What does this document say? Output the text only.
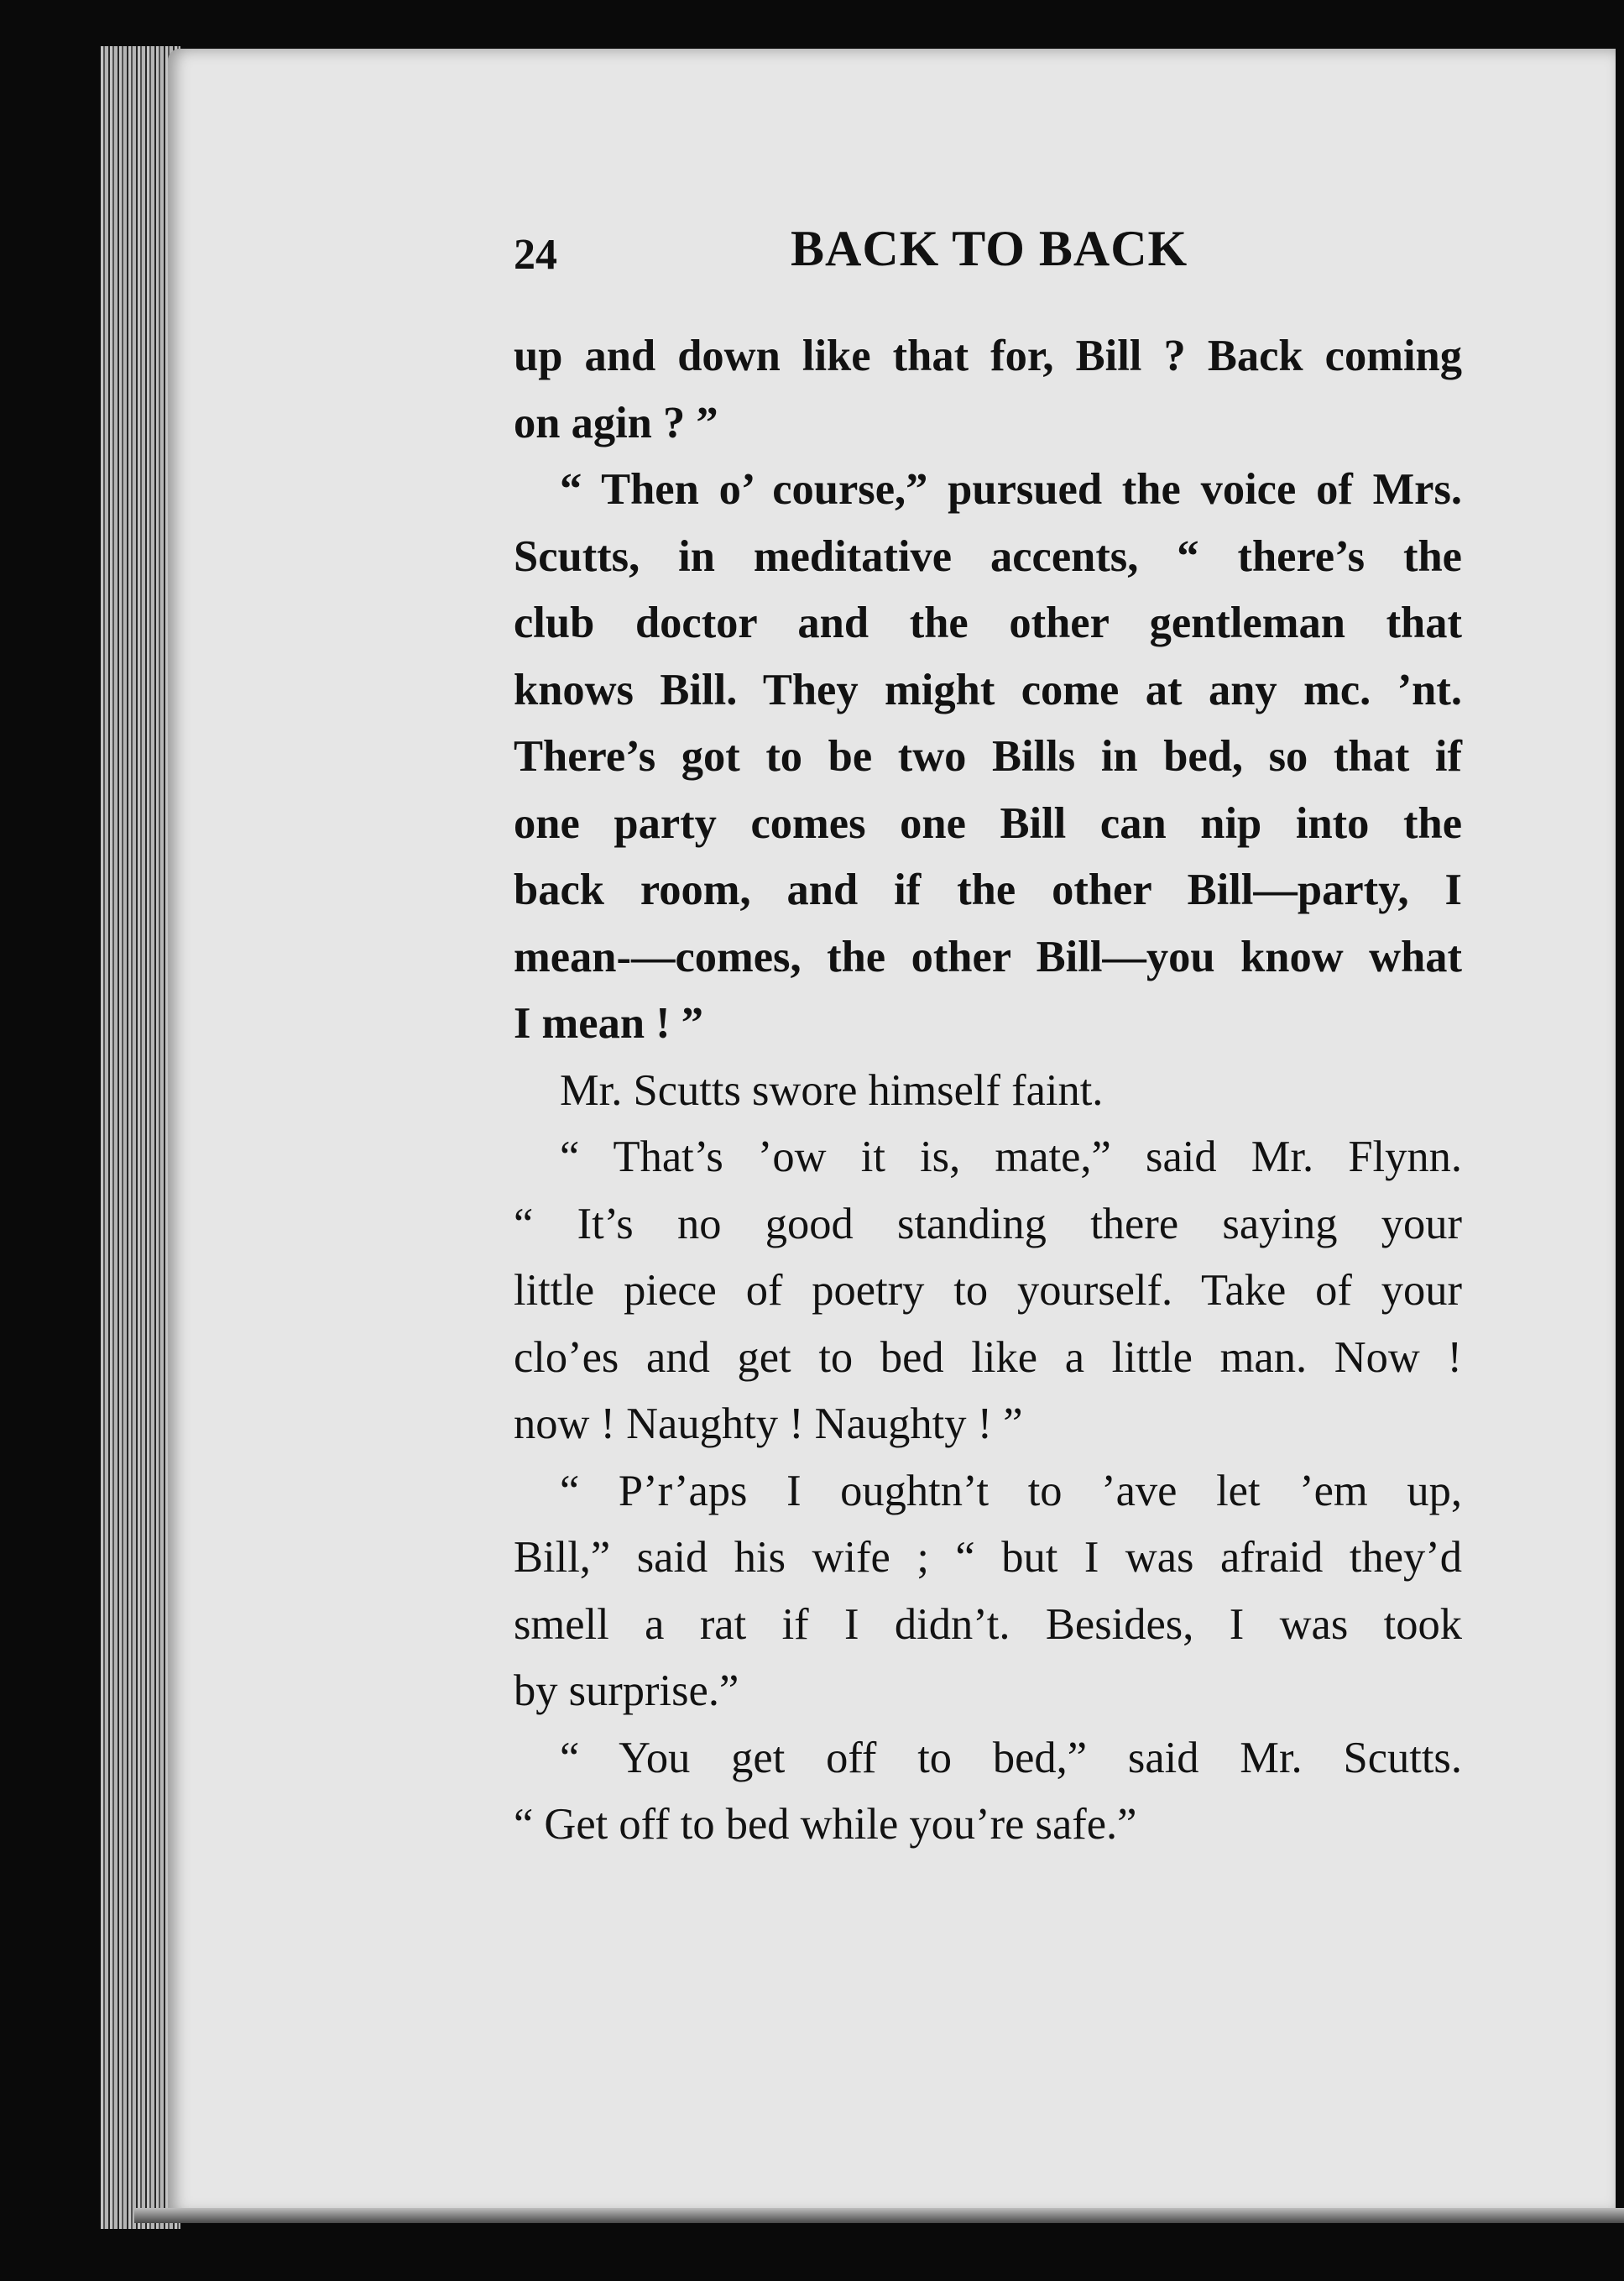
24	BACK TO BACK
up and down like that for, Bill ? Back coming
on agin ? ”
“ Then o’ course,” pursued the voice of Mrs.
Scutts, in meditative accents, “ there’s the
club doctor and the other gentleman that
knows Bill. They might come at any mc. ’nt.
There’s got to be two Bills in bed, so that if
one party comes one Bill can nip into the
back room, and if the other Bill—party, I
mean-—comes, the other Bill—you know what
I mean ! ”
Mr. Scutts swore himself faint.
“ That’s ’ow it is, mate,” said Mr. Flynn.
“ It’s no good standing there saying your
little piece of poetry to yourself. Take of your
clo’es and get to bed like a little man. Now !
now ! Naughty ! Naughty ! ”
“ P’r’aps I oughtn’t to ’ave let ’em up,
Bill,” said his wife ; “ but I was afraid they’d
smell a rat if I didn’t. Besides, I was took
by surprise.”
“ You get off to bed,” said Mr. Scutts.
“ Get off to bed while you’re safe.”
